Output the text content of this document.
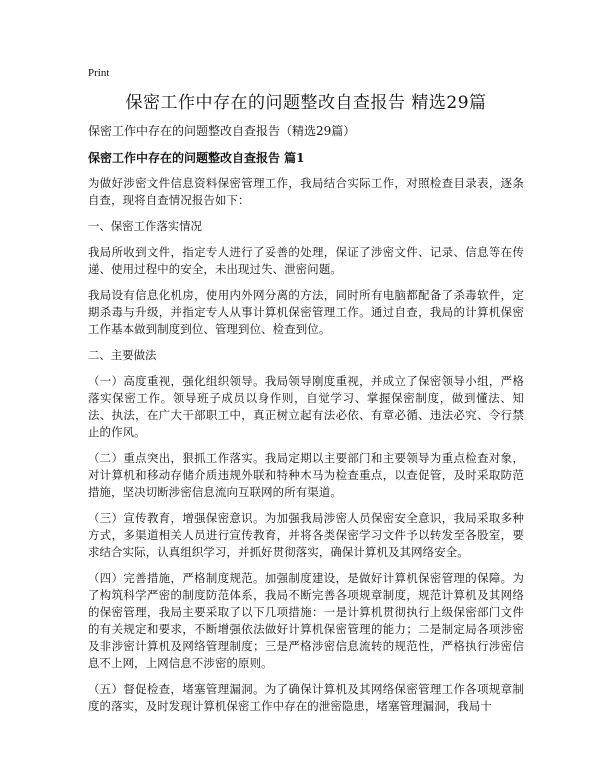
Print
保密工作中存在的问题整改自查报告 精选29篇
保密工作中存在的问题整改自查报告（精选29篇）
保密工作中存在的问题整改自查报告 篇1

为做好涉密文件信息资料保密管理工作，我局结合实际工作，对照检查目录表，逐条自查，现将自查情况报告如下：

一、保密工作落实情况

我局所收到文件，指定专人进行了妥善的处理，保证了涉密文件、记录、信息等在传递、使用过程中的安全，未出现过失、泄密问题。

我局设有信息化机房，使用内外网分离的方法，同时所有电脑都配备了杀毒软件，定期杀毒与升级，并指定专人从事计算机保密管理工作。通过自查，我局的计算机保密工作基本做到制度到位、管理到位、检查到位。

二、主要做法

（一）高度重视，强化组织领导。我局领导刚度重视，并成立了保密领导小组，严格落实保密工作。领导班子成员以身作则，自觉学习、掌握保密制度，做到懂法、知法、执法，在广大干部职工中，真正树立起有法必依、有章必循、违法必究、令行禁止的作风。

（二）重点突出，狠抓工作落实。我局定期以主要部门和主要领导为重点检查对象，对计算机和移动存储介质违规外联和特种木马为检查重点，以查促管，及时采取防范措施，坚决切断涉密信息流向互联网的所有渠道。

（三）宣传教育，增强保密意识。为加强我局涉密人员保密安全意识，我局采取多种方式，多渠道相关人员进行宣传教育，并将各类保密学习文件予以转发至各股室，要求结合实际，认真组织学习，并抓好贯彻落实，确保计算机及其网络安全。

（四）完善措施，严格制度规范。加强制度建设，是做好计算机保密管理的保障。为了构筑科学严密的制度防范体系，我局不断完善各项规章制度，规范计算机及其网络的保密管理，我局主要采取了以下几项措施：一是计算机贯彻执行上级保密部门文件的有关规定和要求，不断增强依法做好计算机保密管理的能力；二是制定局各项涉密及非涉密计算机及网络管理制度；三是严格涉密信息流转的规范性，严格执行涉密信息不上网，上网信息不涉密的原则。

（五）督促检查，堵塞管理漏洞。为了确保计算机及其网络保密管理工作各项规章制度的落实，及时发现计算机保密工作中存在的泄密隐患，堵塞管理漏洞，我局十
